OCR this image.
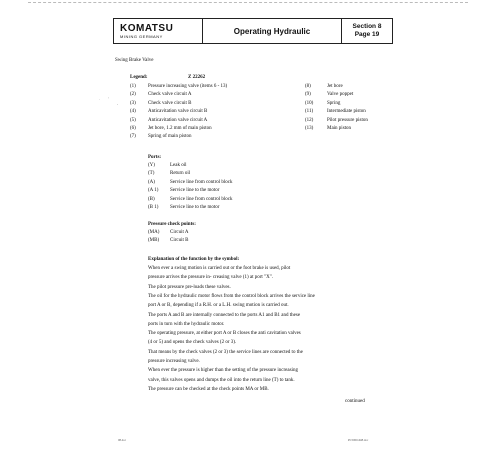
KOMATSU
MINING GERMANY
Operating Hydraulic	Section 8
Page 19
Swing Brake Valve
Legend:	Z 22262
(1) Pressure increasing valve (items 6 - 13)
(2) Check valve circuit A
(3) Check valve circuit B
(4) Anticavitation valve circuit B
(5) Anticavitation valve circuit A
(6) Jet bore, 1.2 mm of main piston
(7) Spring of main piston
(8)	Jet bore
(9)	Valve poppet
(10)	Spring
(11)	Intermediate piston
(12)	Pilot pressure piston
(13)	Main piston
Ports:
(Y)	Leak oil
(T)	Return oil
(A)	Service line from control block
(A 1) Service line to the motor
(B)	Service line from control block
(B 1) Service line to the motor
Pressure check points:
(MA) Circuit A
(MB) Circuit B
Explanation of the function by the symbol:
When ever a swing motion is carried out or the foot brake is used, pilot
pressure arrives the pressure in- creasing valve (1) at port "X".
The pilot pressure pre-loads these valves.
The oil for the hydraulic motor flows from the control block arrives the service line
port A or B, depending if a R.H. or a L.H. swing motion is carried out.
The ports A and B are internally connected to the ports A1 and B1 and these
ports in turn with the hydraulic motor.
The operating pressure, at either port A or B closes the anti cavitation valves
(4 or 5) and opens the check valves (2 or 3).
That means by the check valves (2 or 3) the service lines are connected to the
pressure increasing valve.
When ever the pressure is higher than the setting of the pressure increasing
valve, this valves opens and dumps the oil into the return line (T) to tank.
The pressure can be checked at the check points MA or MB.
continued
08.doc	PC5000-6#8.doc
,
.
'
